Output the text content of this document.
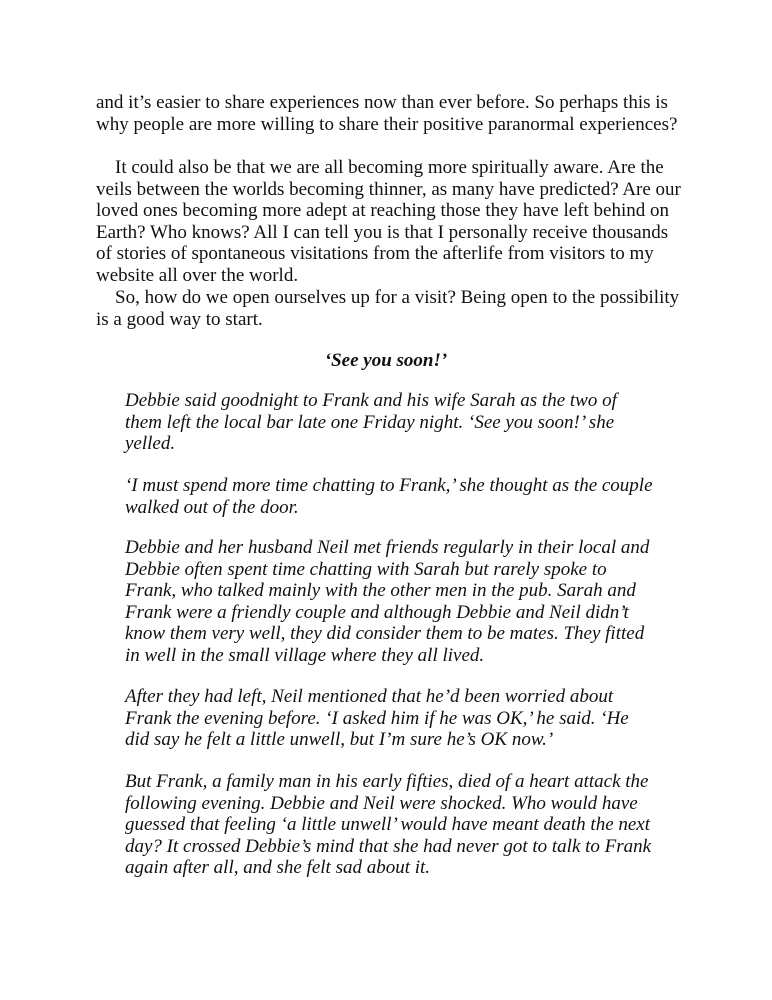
and it’s easier to share experiences now than ever before. So perhaps this is why people are more willing to share their positive paranormal experiences?

It could also be that we are all becoming more spiritually aware. Are the veils between the worlds becoming thinner, as many have predicted? Are our loved ones becoming more adept at reaching those they have left behind on Earth? Who knows? All I can tell you is that I personally receive thousands of stories of spontaneous visitations from the afterlife from visitors to my website all over the world.

So, how do we open ourselves up for a visit? Being open to the possibility is a good way to start.

‘See you soon!’

Debbie said goodnight to Frank and his wife Sarah as the two of them left the local bar late one Friday night. ‘See you soon!’ she yelled.

‘I must spend more time chatting to Frank,’ she thought as the couple walked out of the door.

Debbie and her husband Neil met friends regularly in their local and Debbie often spent time chatting with Sarah but rarely spoke to Frank, who talked mainly with the other men in the pub. Sarah and Frank were a friendly couple and although Debbie and Neil didn’t know them very well, they did consider them to be mates. They fitted in well in the small village where they all lived.

After they had left, Neil mentioned that he’d been worried about Frank the evening before. ‘I asked him if he was OK,’ he said. ‘He did say he felt a little unwell, but I’m sure he’s OK now.’

But Frank, a family man in his early fifties, died of a heart attack the following evening. Debbie and Neil were shocked. Who would have guessed that feeling ‘a little unwell’ would have meant death the next day? It crossed Debbie’s mind that she had never got to talk to Frank again after all, and she felt sad about it.
